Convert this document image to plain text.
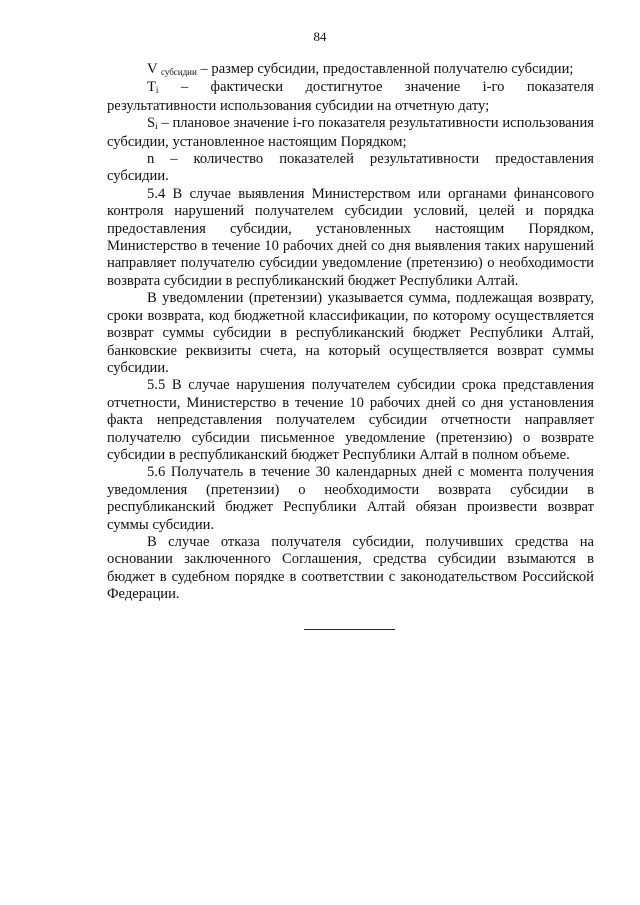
84

V субсидии – размер субсидии, предоставленной получателю субсидии;

Ti – фактически достигнутое значение i-го показателя результативности использования субсидии на отчетную дату;

Si – плановое значение i-го показателя результативности использования субсидии, установленное настоящим Порядком;

n – количество показателей результативности предоставления субсидии.

5.4 В случае выявления Министерством или органами финансового контроля нарушений получателем субсидии условий, целей и порядка предоставления субсидии, установленных настоящим Порядком, Министерство в течение 10 рабочих дней со дня выявления таких нарушений направляет получателю субсидии уведомление (претензию) о необходимости возврата субсидии в республиканский бюджет Республики Алтай.

В уведомлении (претензии) указывается сумма, подлежащая возврату, сроки возврата, код бюджетной классификации, по которому осуществляется возврат суммы субсидии в республиканский бюджет Республики Алтай, банковские реквизиты счета, на который осуществляется возврат суммы субсидии.

5.5 В случае нарушения получателем субсидии срока представления отчетности, Министерство в течение 10 рабочих дней со дня установления факта непредставления получателем субсидии отчетности направляет получателю субсидии письменное уведомление (претензию) о возврате субсидии в республиканский бюджет Республики Алтай в полном объеме.

5.6 Получатель в течение 30 календарных дней с момента получения уведомления (претензии) о необходимости возврата субсидии в республиканский бюджет Республики Алтай обязан произвести возврат суммы субсидии.

В случае отказа получателя субсидии, получивших средства на основании заключенного Соглашения, средства субсидии взымаются в бюджет в судебном порядке в соответствии с законодательством Российской Федерации.
